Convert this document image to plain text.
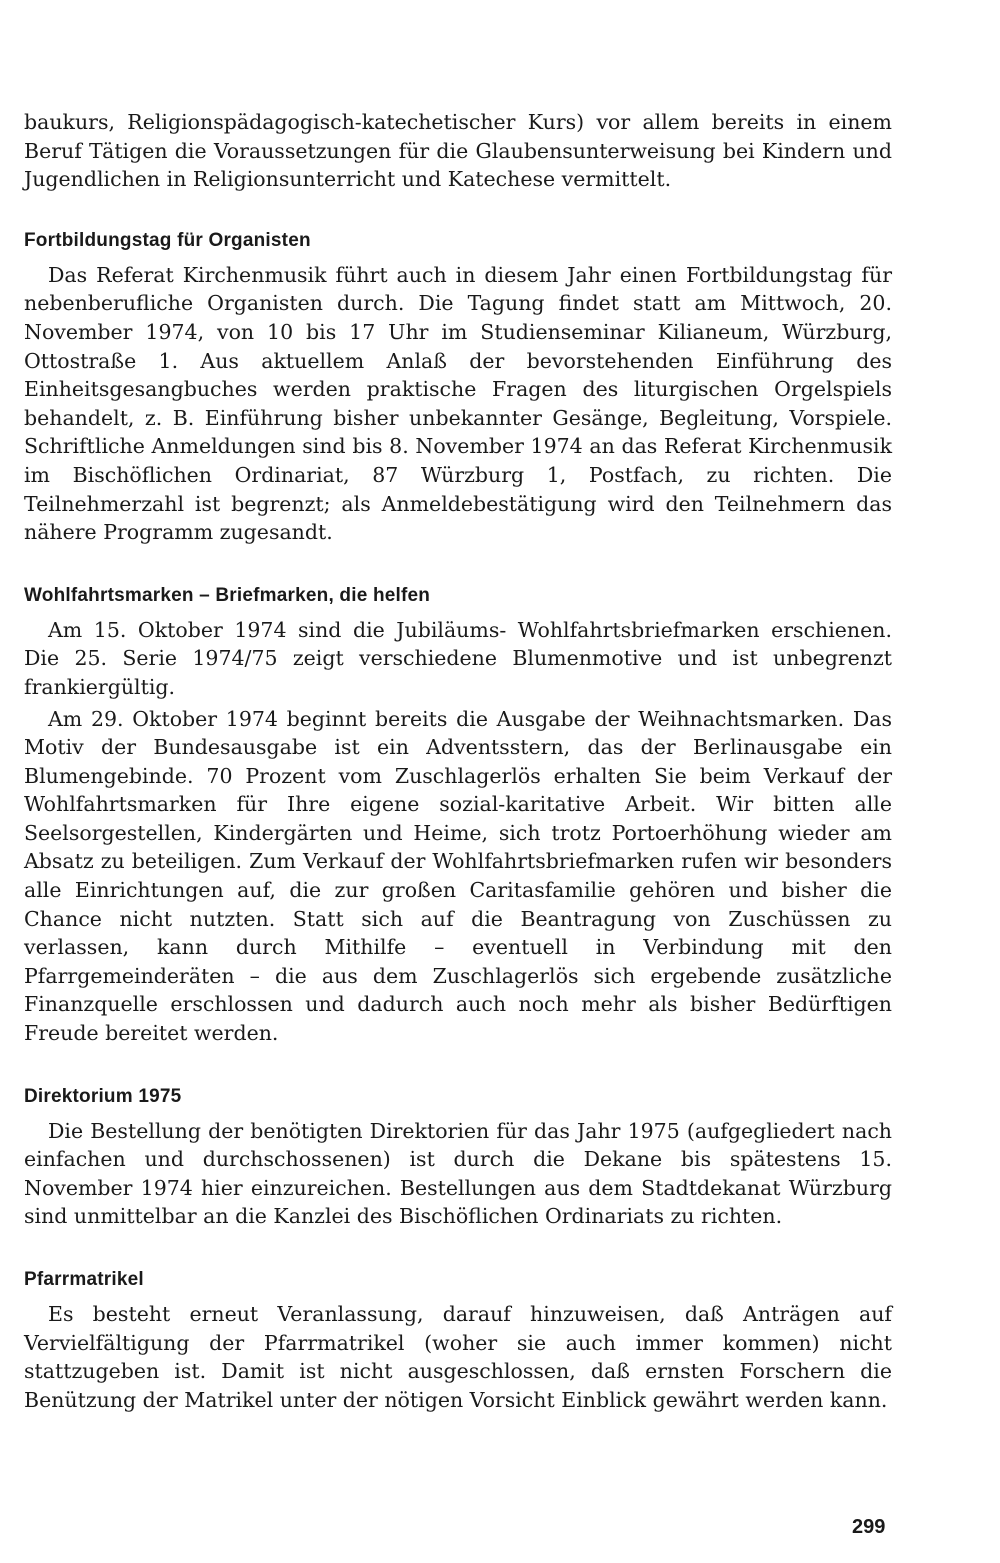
baukurs, Religionspädagogisch-katechetischer Kurs) vor allem bereits in einem Beruf Tätigen die Voraussetzungen für die Glaubensunterweisung bei Kindern und Jugendlichen in Religionsunterricht und Katechese vermittelt.

Fortbildungstag für Organisten

Das Referat Kirchenmusik führt auch in diesem Jahr einen Fortbildungstag für nebenberufliche Organisten durch. Die Tagung findet statt am Mittwoch, 20. November 1974, von 10 bis 17 Uhr im Studienseminar Kilianeum, Würzburg, Ottostraße 1. Aus aktuellem Anlaß der bevorstehenden Einführung des Einheitsgesangbuches werden praktische Fragen des liturgischen Orgelspiels behandelt, z. B. Einführung bisher unbekannter Gesänge, Begleitung, Vorspiele. Schriftliche Anmeldungen sind bis 8. November 1974 an das Referat Kirchenmusik im Bischöflichen Ordinariat, 87 Würzburg 1, Postfach, zu richten. Die Teilnehmerzahl ist begrenzt; als Anmeldebestätigung wird den Teilnehmern das nähere Programm zugesandt.

Wohlfahrtsmarken – Briefmarken, die helfen

Am 15. Oktober 1974 sind die Jubiläums- Wohlfahrtsbriefmarken erschienen. Die 25. Serie 1974/75 zeigt verschiedene Blumenmotive und ist unbegrenzt frankiergültig.

Am 29. Oktober 1974 beginnt bereits die Ausgabe der Weihnachtsmarken. Das Motiv der Bundesausgabe ist ein Adventsstern, das der Berlinausgabe ein Blumengebinde. 70 Prozent vom Zuschlagerlös erhalten Sie beim Verkauf der Wohlfahrtsmarken für Ihre eigene sozial-karitative Arbeit. Wir bitten alle Seelsorgestellen, Kindergärten und Heime, sich trotz Portoerhöhung wieder am Absatz zu beteiligen. Zum Verkauf der Wohlfahrtsbriefmarken rufen wir besonders alle Einrichtungen auf, die zur großen Caritasfamilie gehören und bisher die Chance nicht nutzten. Statt sich auf die Beantragung von Zuschüssen zu verlassen, kann durch Mithilfe – eventuell in Verbindung mit den Pfarrgemeinderäten – die aus dem Zuschlagerlös sich ergebende zusätzliche Finanzquelle erschlossen und dadurch auch noch mehr als bisher Bedürftigen Freude bereitet werden.

Direktorium 1975

Die Bestellung der benötigten Direktorien für das Jahr 1975 (aufgegliedert nach einfachen und durchschossenen) ist durch die Dekane bis spätestens 15. November 1974 hier einzureichen. Bestellungen aus dem Stadtdekanat Würzburg sind unmittelbar an die Kanzlei des Bischöflichen Ordinariats zu richten.

Pfarrmatrikel

Es besteht erneut Veranlassung, darauf hinzuweisen, daß Anträgen auf Vervielfältigung der Pfarrmatrikel (woher sie auch immer kommen) nicht stattzugeben ist. Damit ist nicht ausgeschlossen, daß ernsten Forschern die Benützung der Matrikel unter der nötigen Vorsicht Einblick gewährt werden kann.

299
